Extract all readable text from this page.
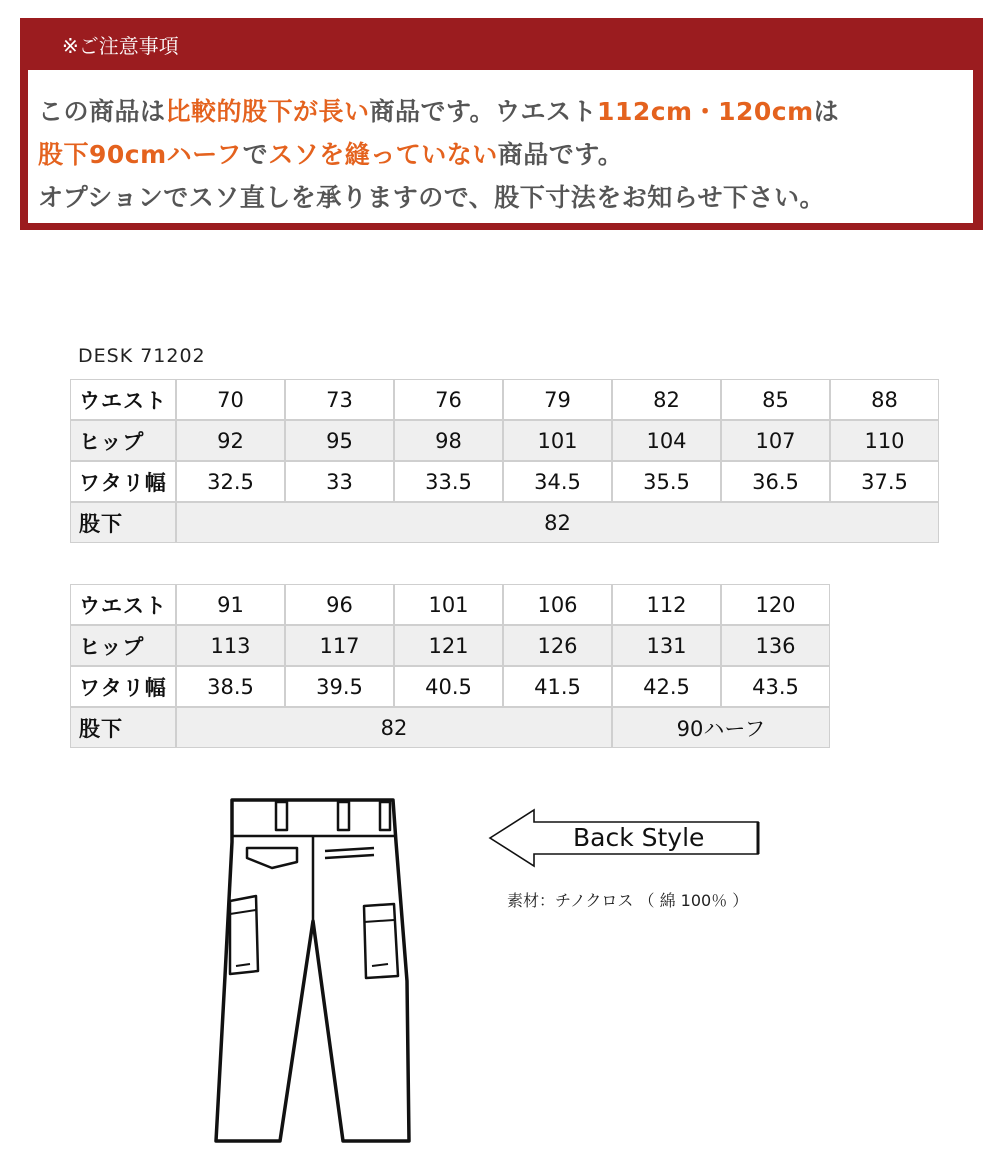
※ご注意事項

この商品は比較的股下が長い商品です。ウエスト112cm・120cmは

股下90cmハーフでスソを縫っていない商品です。

オプションでスソ直しを承りますので、股下寸法をお知らせ下さい。

DESK 71202
ウエスト	70	73	76	79	82	85	88
ヒップ	92	95	98	101	104	107	110
ワタリ幅	32.5	33	33.5	34.5	35.5	36.5	37.5
股下	82						
ウエスト	91	96	101	106	112	120
ヒップ	113	117	121	126	131	136
ワタリ幅	38.5	39.5	40.5	41.5	42.5	43.5
股下	82				90ハーフ	
Back Style
素材：チノクロス （ 綿 100％ ）
